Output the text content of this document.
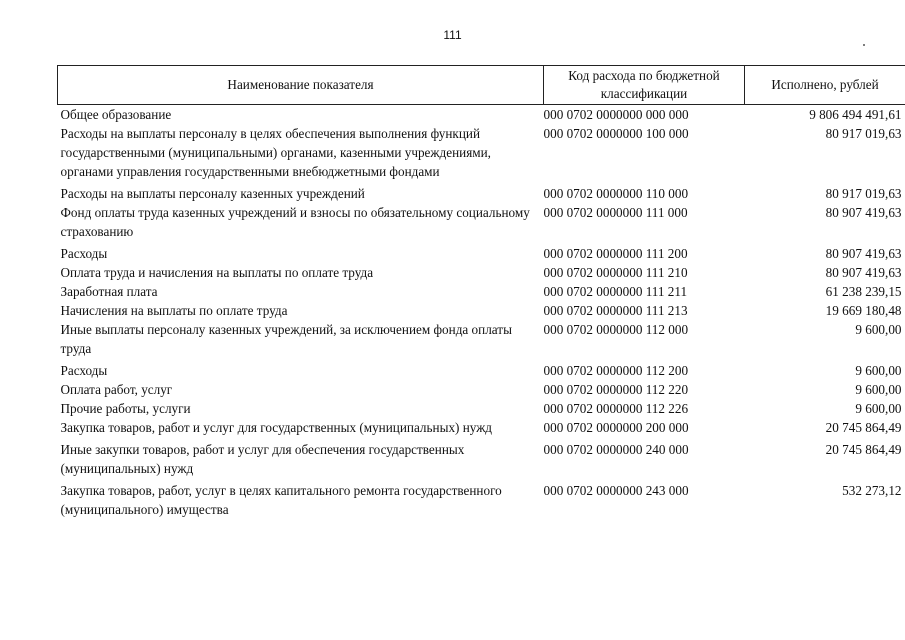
111
Наименование показателя	Код расхода по бюджетной классификации	Исполнено, рублей
Общее образование	000 0702 0000000 000 000	9 806 494 491,61
Расходы на выплаты персоналу в целях обеспечения выполнения функций государственными (муниципальными) органами, казенными учреждениями, органами управления государственными внебюджетными фондами	000 0702 0000000 100 000	80 917 019,63
Расходы на выплаты персоналу казенных учреждений	000 0702 0000000 110 000	80 917 019,63
Фонд оплаты труда казенных учреждений и взносы по обязательному социальному страхованию	000 0702 0000000 111 000	80 907 419,63
Расходы	000 0702 0000000 111 200	80 907 419,63
Оплата труда и начисления на выплаты по оплате труда	000 0702 0000000 111 210	80 907 419,63
Заработная плата	000 0702 0000000 111 211	61 238 239,15
Начисления на выплаты по оплате труда	000 0702 0000000 111 213	19 669 180,48
Иные выплаты персоналу казенных учреждений, за исключением фонда оплаты труда	000 0702 0000000 112 000	9 600,00
Расходы	000 0702 0000000 112 200	9 600,00
Оплата работ, услуг	000 0702 0000000 112 220	9 600,00
Прочие работы, услуги	000 0702 0000000 112 226	9 600,00
Закупка товаров, работ и услуг для государственных (муниципальных) нужд	000 0702 0000000 200 000	20 745 864,49
Иные закупки товаров, работ и услуг для обеспечения государственных (муниципальных) нужд	000 0702 0000000 240 000	20 745 864,49
Закупка товаров, работ, услуг в целях капитального ремонта государственного (муниципального) имущества	000 0702 0000000 243 000	532 273,12
